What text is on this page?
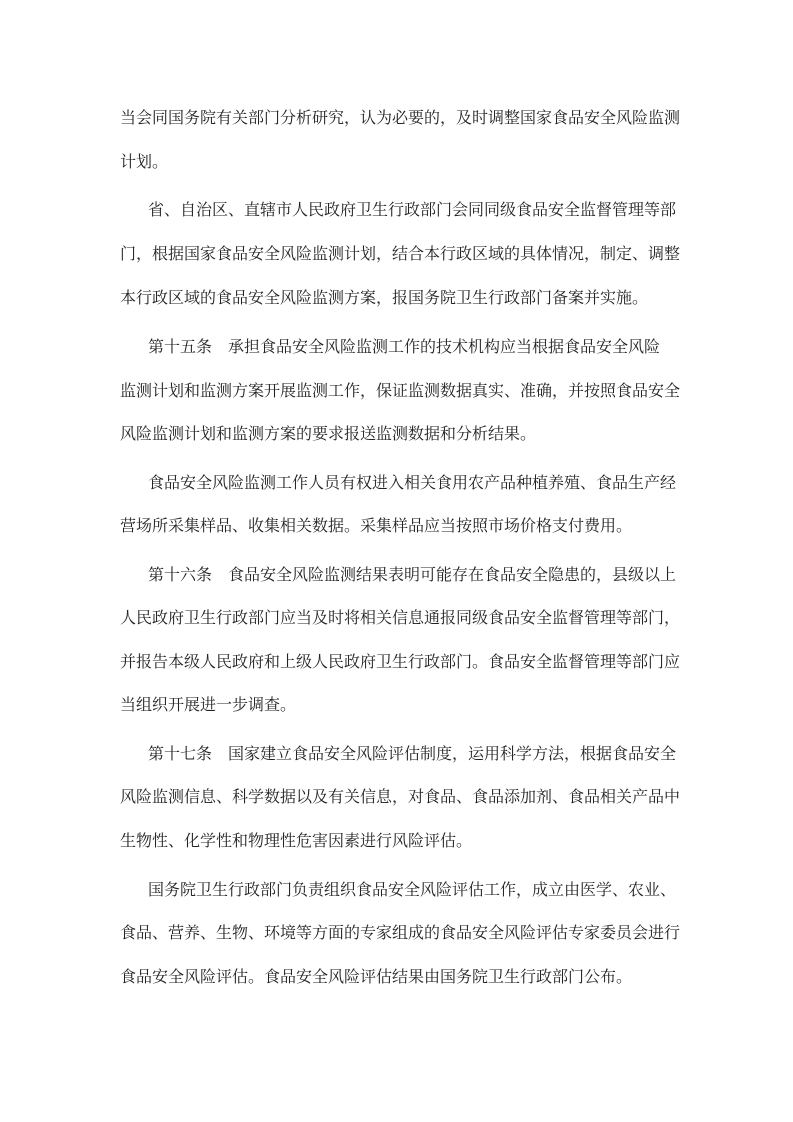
当会同国务院有关部门分析研究，认为必要的，及时调整国家食品安全风险监测
计划。
省、自治区、直辖市人民政府卫生行政部门会同同级食品安全监督管理等部
门，根据国家食品安全风险监测计划，结合本行政区域的具体情况，制定、调整
本行政区域的食品安全风险监测方案，报国务院卫生行政部门备案并实施。
第十五条 承担食品安全风险监测工作的技术机构应当根据食品安全风险
监测计划和监测方案开展监测工作，保证监测数据真实、准确，并按照食品安全
风险监测计划和监测方案的要求报送监测数据和分析结果。
食品安全风险监测工作人员有权进入相关食用农产品种植养殖、食品生产经
营场所采集样品、收集相关数据。采集样品应当按照市场价格支付费用。
第十六条 食品安全风险监测结果表明可能存在食品安全隐患的，县级以上
人民政府卫生行政部门应当及时将相关信息通报同级食品安全监督管理等部门，
并报告本级人民政府和上级人民政府卫生行政部门。食品安全监督管理等部门应
当组织开展进一步调查。
第十七条 国家建立食品安全风险评估制度，运用科学方法，根据食品安全
风险监测信息、科学数据以及有关信息，对食品、食品添加剂、食品相关产品中
生物性、化学性和物理性危害因素进行风险评估。
国务院卫生行政部门负责组织食品安全风险评估工作，成立由医学、农业、
食品、营养、生物、环境等方面的专家组成的食品安全风险评估专家委员会进行
食品安全风险评估。食品安全风险评估结果由国务院卫生行政部门公布。
